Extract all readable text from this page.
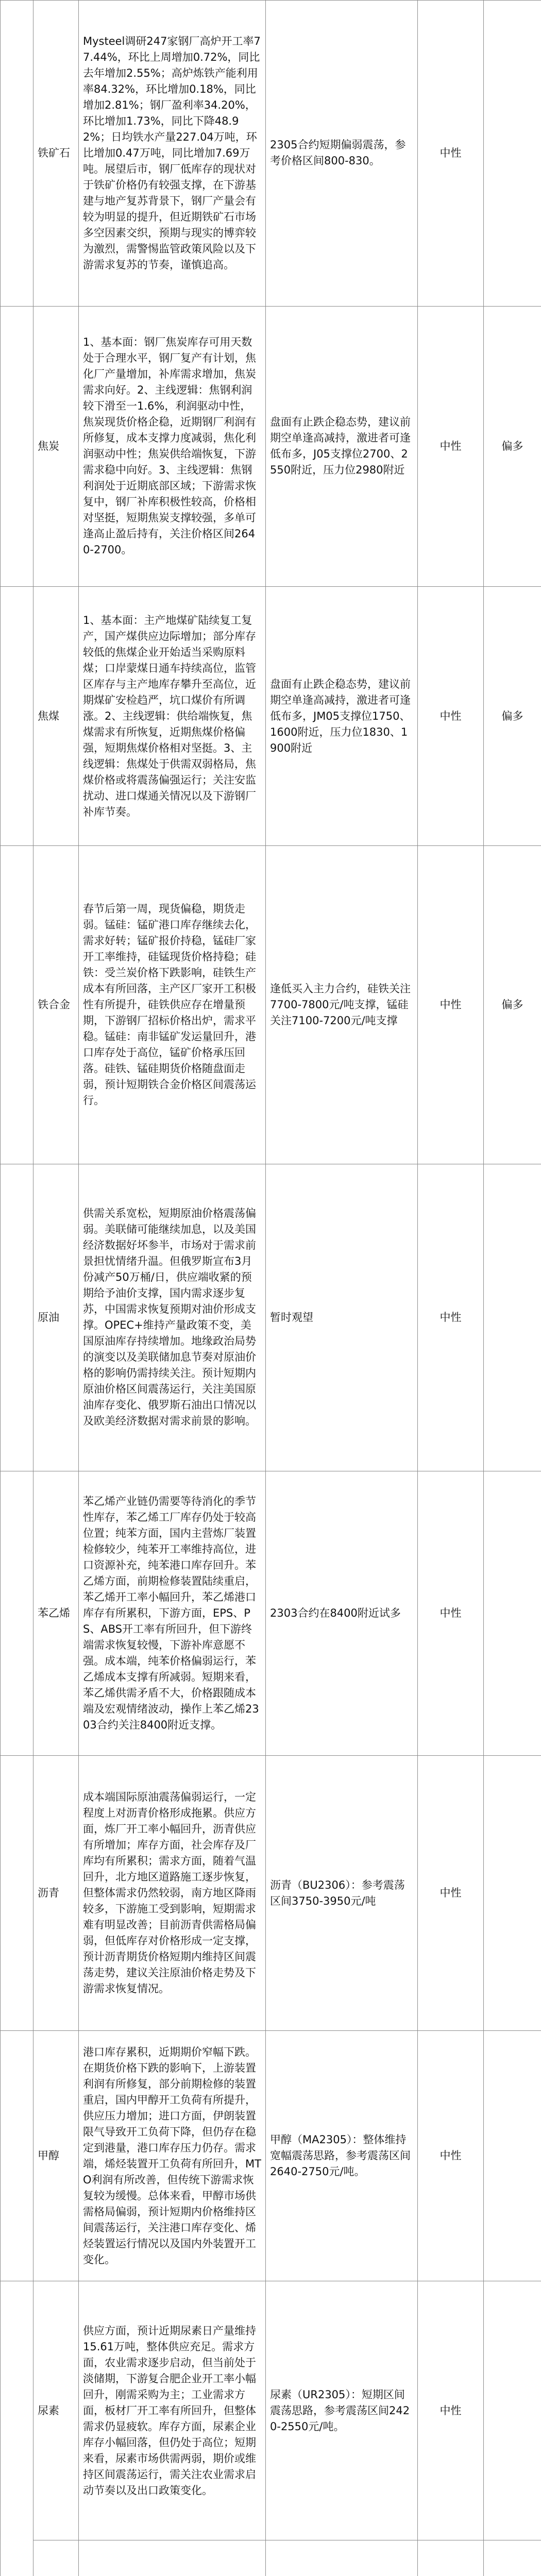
	铁矿石	Mysteel调研247家钢厂高炉开工率77.44%，环比上周增加0.72%，同比去年增加2.55%；高炉炼铁产能利用率84.32%，环比增加0.18%，同比增加2.81%；钢厂盈利率34.20%，环比增加1.73%，同比下降48.92%；日均铁水产量227.04万吨，环比增加0.47万吨，同比增加7.69万吨。展望后市，钢厂低库存的现状对于铁矿价格仍有较强支撑，在下游基建与地产复苏背景下，钢厂产量会有较为明显的提升，但近期铁矿石市场多空因素交织，预期与现实的博弈较为激烈，需警惕监管政策风险以及下游需求复苏的节奏，谨慎追高。	2305合约短期偏弱震荡，参考价格区间800-830。	中性	
	焦炭	1、基本面：钢厂焦炭库存可用天数处于合理水平，钢厂复产有计划，焦化厂产量增加，补库需求增加，焦炭需求向好。2、主线逻辑：焦钢利润较下滑至一1.6%，利润驱动中性，焦炭现货价格企稳，近期钢厂利润有所修复，成本支撑力度减弱，焦化利润驱动中性；焦炭供给端恢复，下游需求稳中向好。3、主线逻辑：焦钢利润处于近期底部区域；下游需求恢复中，钢厂补库积极性较高，价格相对坚挺，短期焦炭支撑较强，多单可逢高止盈后持有，关注价格区间2640-2700。	盘面有止跌企稳态势，建议前期空单逢高减持，激进者可逢低布多，J05支撑位2700、2550附近，压力位2980附近	中性	偏多
	焦煤	1、基本面：主产地煤矿陆续复工复产，国产煤供应边际增加；部分库存较低的焦煤企业开始适当采购原料煤；口岸蒙煤日通车持续高位，监管区库存与主产地库存攀升至高位，近期煤矿安检趋严，坑口煤价有所调涨。2、主线逻辑：供给端恢复，焦煤需求有所恢复，近期焦煤价格偏强，短期焦煤价格相对坚挺。3、主线逻辑：焦煤处于供需双弱格局，焦煤价格或将震荡偏强运行；关注安监扰动、进口煤通关情况以及下游钢厂补库节奏。	盘面有止跌企稳态势，建议前期空单逢高减持，激进者可逢低布多，JM05支撑位1750、1600附近，压力位1830、1900附近	中性	偏多
	铁合金	春节后第一周，现货偏稳，期货走弱。锰硅：锰矿港口库存继续去化，需求好转；锰矿报价持稳，锰硅厂家开工率维持，硅锰现货价格持稳；硅铁：受兰炭价格下跌影响，硅铁生产成本有所回落，主产区厂家开工积极性有所提升，硅铁供应存在增量预期，下游钢厂招标价格出炉，需求平稳。锰硅：南非锰矿发运量回升，港口库存处于高位，锰矿价格承压回落。硅铁、锰硅期货价格随盘面走弱，预计短期铁合金价格区间震荡运行。	逢低买入主力合约，硅铁关注7700-7800元/吨支撑，锰硅关注7100-7200元/吨支撑	中性	偏多
	原油	供需关系宽松，短期原油价格震荡偏弱。美联储可能继续加息，以及美国经济数据好坏参半，市场对于需求前景担忧情绪升温。但俄罗斯宣布3月份减产50万桶/日，供应端收紧的预期给予油价支撑，国内需求逐步复苏，中国需求恢复预期对油价形成支撑。OPEC+维持产量政策不变，美国原油库存持续增加。地缘政治局势的演变以及美联储加息节奏对原油价格的影响仍需持续关注。预计短期内原油价格区间震荡运行，关注美国原油库存变化、俄罗斯石油出口情况以及欧美经济数据对需求前景的影响。	暂时观望	中性	
	苯乙烯	苯乙烯产业链仍需要等待消化的季节性库存，苯乙烯工厂库存仍处于较高位置；纯苯方面，国内主营炼厂装置检修较少，纯苯开工率维持高位，进口资源补充，纯苯港口库存回升。苯乙烯方面，前期检修装置陆续重启，苯乙烯开工率小幅回升，苯乙烯港口库存有所累积，下游方面，EPS、PS、ABS开工率有所回升，但下游终端需求恢复较慢，下游补库意愿不强。成本端，纯苯价格偏弱运行，苯乙烯成本支撑有所减弱。短期来看，苯乙烯供需矛盾不大，价格跟随成本端及宏观情绪波动，操作上苯乙烯2303合约关注8400附近支撑。	2303合约在8400附近试多	中性	
	沥青	成本端国际原油震荡偏弱运行，一定程度上对沥青价格形成拖累。供应方面，炼厂开工率小幅回升，沥青供应有所增加；库存方面，社会库存及厂库均有所累积；需求方面，随着气温回升，北方地区道路施工逐步恢复，但整体需求仍然较弱，南方地区降雨较多，下游施工受到影响，短期需求难有明显改善；目前沥青供需格局偏弱，但低库存对价格形成一定支撑，预计沥青期货价格短期内维持区间震荡走势，建议关注原油价格走势及下游需求恢复情况。	沥青（BU2306）：参考震荡区间3750-3950元/吨	中性	
	甲醇	港口库存累积，近期期价窄幅下跌。在期货价格下跌的影响下，上游装置利润有所修复，部分前期检修的装置重启，国内甲醇开工负荷有所提升，供应压力增加；进口方面，伊朗装置限气导致开工负荷下降，但仍存在稳定到港量，港口库存压力仍存。需求端，烯烃装置开工负荷有所回升，MTO利润有所改善，但传统下游需求恢复较为缓慢。总体来看，甲醇市场供需格局偏弱，预计短期内价格维持区间震荡运行，关注港口库存变化、烯烃装置运行情况以及国内外装置开工变化。	甲醇（MA2305）：整体维持宽幅震荡思路，参考震荡区间2640-2750元/吨。	中性	
	尿素	供应方面，预计近期尿素日产量维持15.61万吨，整体供应充足。需求方面，农业需求逐步启动，但当前处于淡储期，下游复合肥企业开工率小幅回升，刚需采购为主；工业需求方面，板材厂开工率有所回升，但整体需求仍显疲软。库存方面，尿素企业库存小幅回落，但仍处于高位；短期来看，尿素市场供需两弱，期价或维持区间震荡运行，需关注农业需求启动节奏以及出口政策变化。	尿素（UR2305）：短期区间震荡思路，参考震荡区间2420-2550元/吨。	中性	
